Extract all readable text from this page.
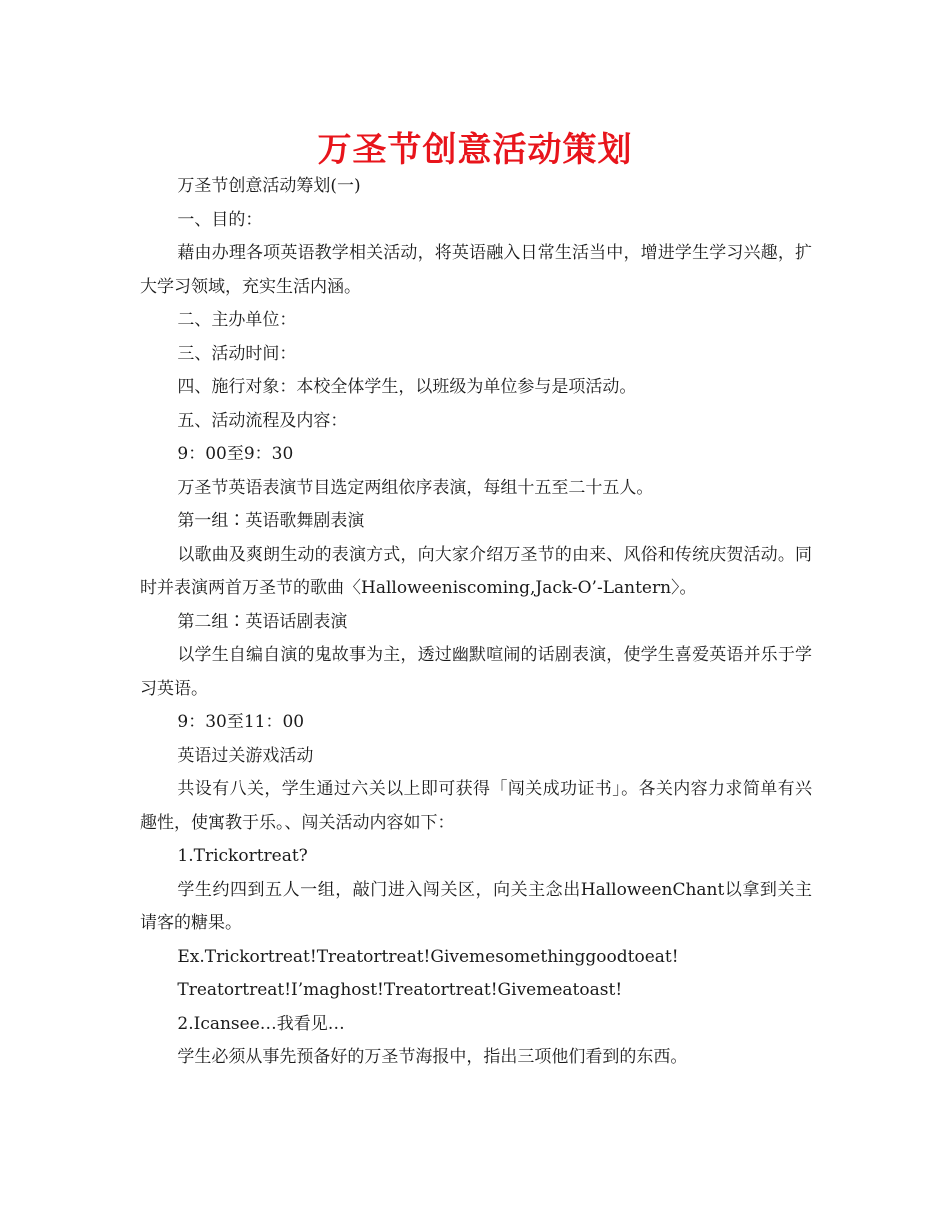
万圣节创意活动策划

万圣节创意活动筹划(一)

一、目的：

藉由办理各项英语教学相关活动，将英语融入日常生活当中，增进学生学习兴趣，扩大学习领域，充实生活内涵。

二、主办单位：

三、活动时间：

四、施行对象：本校全体学生，以班级为单位参与是项活动。

五、活动流程及内容：

9：00至9：30

万圣节英语表演节目选定两组依序表演，每组十五至二十五人。

第一组∶英语歌舞剧表演

以歌曲及爽朗生动的表演方式，向大家介绍万圣节的由来、风俗和传统庆贺活动。同时并表演两首万圣节的歌曲〈Halloweeniscoming,Jack-O’-Lantern〉。

第二组∶英语话剧表演

以学生自编自演的鬼故事为主，透过幽默喧闹的话剧表演，使学生喜爱英语并乐于学习英语。

9：30至11：00

英语过关游戏活动

共设有八关，学生通过六关以上即可获得「闯关成功证书」。各关内容力求简单有兴趣性，使寓教于乐。、闯关活动内容如下：

1.Trickortreat?

学生约四到五人一组，敲门进入闯关区，向关主念出HalloweenChant以拿到关主请客的糖果。

Ex.Trickortreat!Treatortreat!Givemesomethinggoodtoeat!

Treatortreat!I’maghost!Treatortreat!Givemeatoast!

2.Icansee…我看见…

学生必须从事先预备好的万圣节海报中，指出三项他们看到的东西。
